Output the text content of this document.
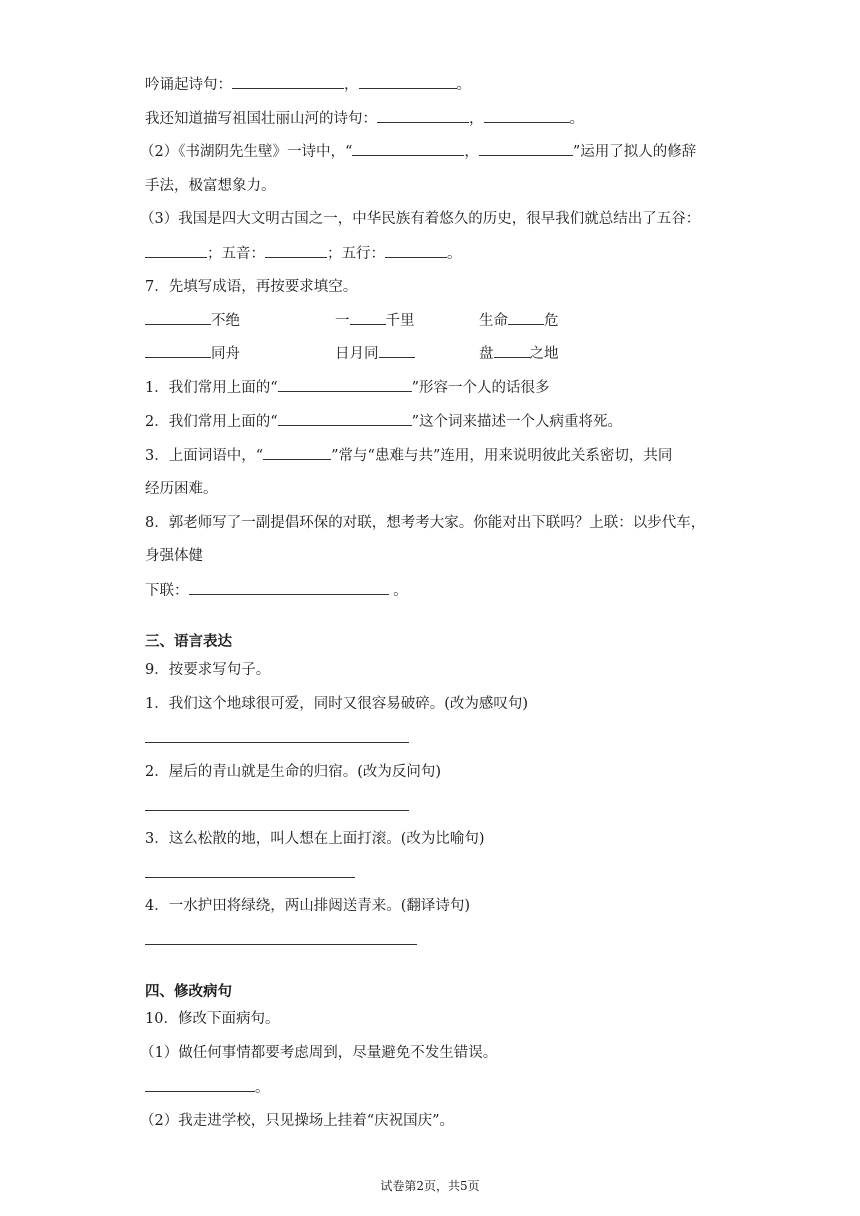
吟诵起诗句：	，	。
我还知道描写祖国壮丽山河的诗句：	，	。
（2）《书湖阴先生壁》一诗中，“	，	”运用了拟人的修辞
手法，极富想象力。
（3）我国是四大文明古国之一，中华民族有着悠久的历史，很早我们就总结出了五谷：
；五音：	；五行：	。
7．先填写成语，再按要求填空。
不绝	一 千里	生命 危
同舟	日月同	盘 之地
1．我们常用上面的“	”形容一个人的话很多
2．我们常用上面的“	”这个词来描述一个人病重将死。
3．上面词语中，“	”常与“患难与共”连用，用来说明彼此关系密切，共同
经历困难。
8．郭老师写了一副提倡环保的对联，想考考大家。你能对出下联吗？上联：以步代车，
身强体健
下联：	。
三、语言表达
9．按要求写句子。
1．我们这个地球很可爱，同时又很容易破碎。(改为感叹句)
2．屋后的青山就是生命的归宿。(改为反问句)
3．这么松散的地，叫人想在上面打滚。(改为比喻句)
4．一水护田将绿绕，两山排闼送青来。(翻译诗句)
四、修改病句
10．修改下面病句。
（1）做任何事情都要考虑周到，尽量避免不发生错误。
。
（2）我走进学校，只见操场上挂着“庆祝国庆”。
试卷第2页，共5页
